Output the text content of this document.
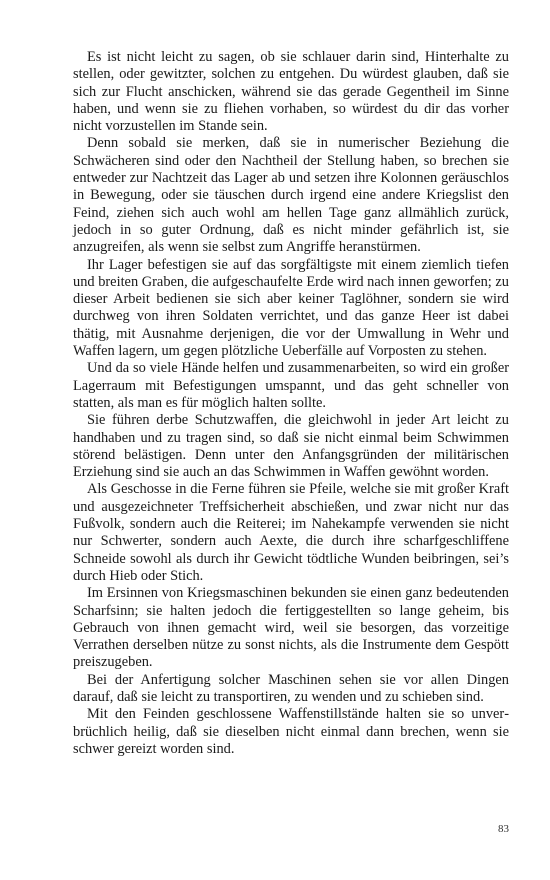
Es ist nicht leicht zu sagen, ob sie schlauer darin sind, Hinterhalte zu stellen, oder gewitzter, solchen zu entgehen. Du würdest glauben, daß sie sich zur Flucht anschicken, während sie das gerade Gegentheil im Sinne haben, und wenn sie zu fliehen vorhaben, so würdest du dir das vorher nicht vorzustellen im Stande sein.

Denn sobald sie merken, daß sie in numerischer Beziehung die Schwächeren sind oder den Nachtheil der Stellung haben, so brechen sie entweder zur Nachtzeit das Lager ab und setzen ihre Kolonnen geräuschlos in Bewegung, oder sie täuschen durch irgend eine andere Kriegslist den Feind, ziehen sich auch wohl am hellen Tage ganz allmählich zurück, jedoch in so guter Ordnung, daß es nicht minder gefährlich ist, sie anzugreifen, als wenn sie selbst zum Angriffe heranstürmen.

Ihr Lager befestigen sie auf das sorgfältigste mit einem ziemlich tiefen und breiten Graben, die aufgeschaufelte Erde wird nach innen geworfen; zu dieser Arbeit bedienen sie sich aber keiner Taglöhner, sondern sie wird durchweg von ihren Soldaten verrichtet, und das ganze Heer ist dabei thätig, mit Ausnahme derjenigen, die vor der Umwallung in Wehr und Waffen lagern, um gegen plötzliche Ueberfälle auf Vorposten zu stehen.

Und da so viele Hände helfen und zusammenarbeiten, so wird ein großer Lagerraum mit Befestigungen umspannt, und das geht schneller von statten, als man es für möglich halten sollte.

Sie führen derbe Schutzwaffen, die gleichwohl in jeder Art leicht zu handhaben und zu tragen sind, so daß sie nicht einmal beim Schwimmen störend belästigen. Denn unter den Anfangsgründen der militärischen Erziehung sind sie auch an das Schwimmen in Waffen gewöhnt worden.

Als Geschosse in die Ferne führen sie Pfeile, welche sie mit großer Kraft und ausgezeichneter Treffsicherheit abschießen, und zwar nicht nur das Fußvolk, sondern auch die Reiterei; im Nahekampfe verwenden sie nicht nur Schwerter, sondern auch Aexte, die durch ihre scharfgeschliffene Schneide sowohl als durch ihr Gewicht tödtliche Wunden beibringen, sei’s durch Hieb oder Stich.

Im Ersinnen von Kriegsmaschinen bekunden sie einen ganz bedeutenden Scharfsinn; sie halten jedoch die fertiggestellten so lange geheim, bis Gebrauch von ihnen gemacht wird, weil sie besorgen, das vorzeitige Verrathen derselben nütze zu sonst nichts, als die Instrumente dem Gespött preiszugeben.

Bei der Anfertigung solcher Maschinen sehen sie vor allen Dingen darauf, daß sie leicht zu transportiren, zu wenden und zu schieben sind.

Mit den Feinden geschlossene Waffenstillstände halten sie so unverbrüchlich heilig, daß sie dieselben nicht einmal dann brechen, wenn sie schwer gereizt worden sind.

83
